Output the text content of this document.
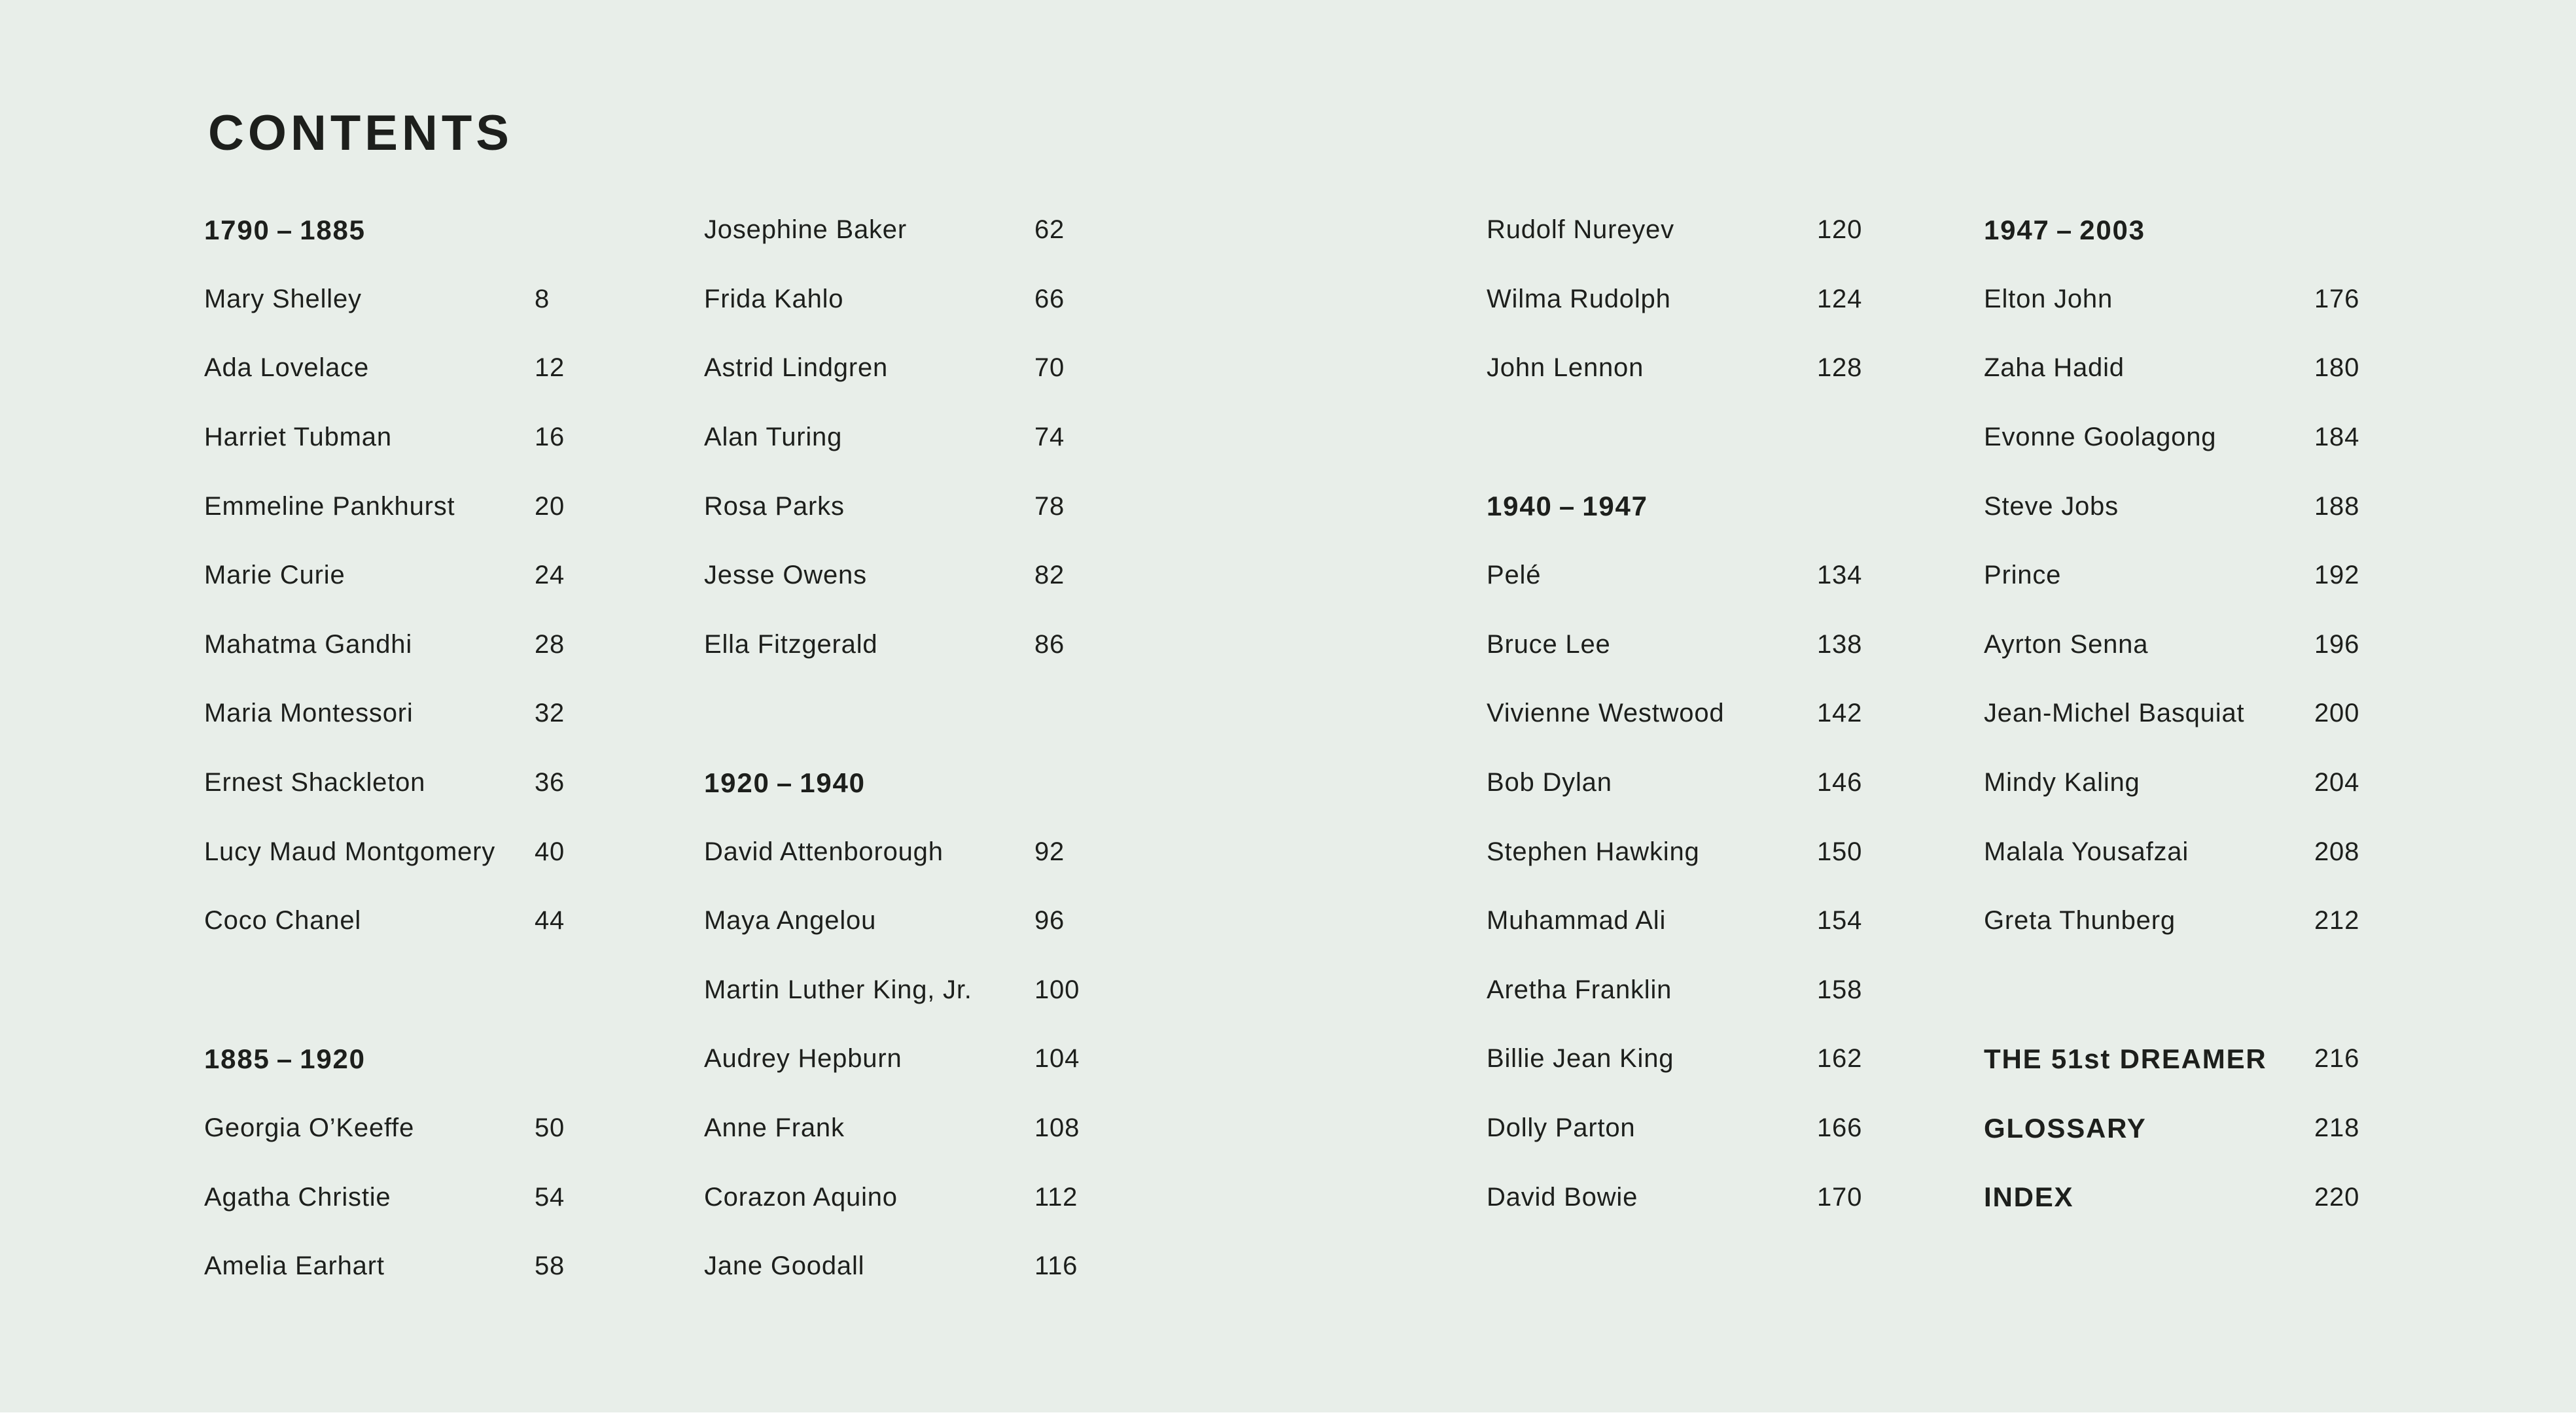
CONTENTS
1790 – 1885
Mary Shelley	8
Ada Lovelace	12
Harriet Tubman	16
Emmeline Pankhurst	20
Marie Curie	24
Mahatma Gandhi	28
Maria Montessori	32
Ernest Shackleton	36
Lucy Maud Montgomery 40
Coco Chanel	44
1885 – 1920
Georgia O’Keeffe	50
Agatha Christie	54
Amelia Earhart	58
Josephine Baker	62
Frida Kahlo	66
Astrid Lindgren	70
Alan Turing	74
Rosa Parks	78
Jesse Owens	82
Ella Fitzgerald	86
1920 – 1940
David Attenborough	92
Maya Angelou	96
Martin Luther King, Jr. 100
Audrey Hepburn	104
Anne Frank	108
Corazon Aquino	112
Jane Goodall	116
Rudolf Nureyev	120
Wilma Rudolph	124
John Lennon	128
1940 – 1947
Pelé	134
Bruce Lee	138
Vivienne Westwood	142
Bob Dylan	146
Stephen Hawking	150
Muhammad Ali	154
Aretha Franklin	158
Billie Jean King	162
Dolly Parton	166
David Bowie	170
1947 – 2003
Elton John	176
Zaha Hadid	180
Evonne Goolagong	184
Steve Jobs	188
Prince	192
Ayrton Senna	196
Jean-Michel Basquiat	200
Mindy Kaling	204
Malala Yousafzai	208
Greta Thunberg	212
THE 51st DREAMER 216
GLOSSARY	218
INDEX	220
